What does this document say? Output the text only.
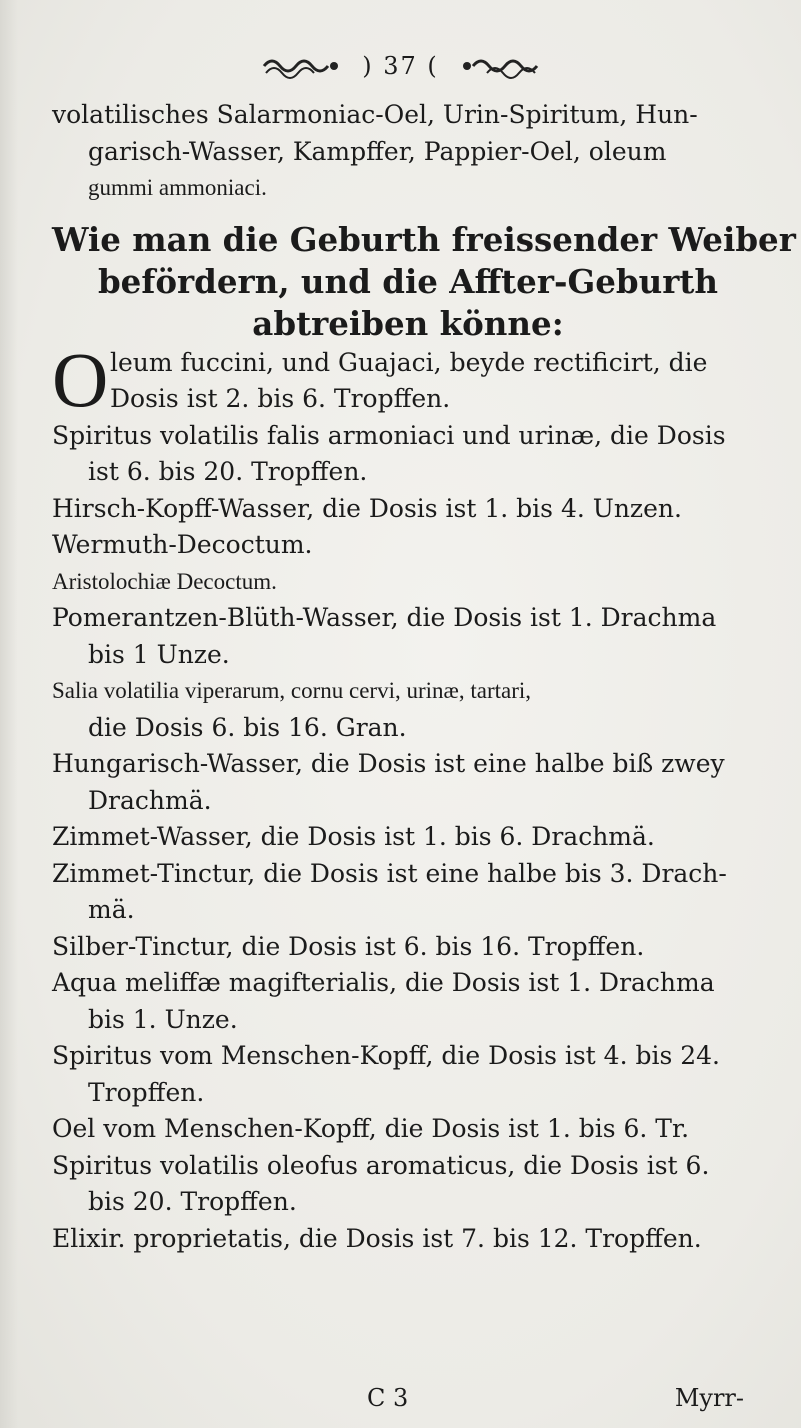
) 37 (
volatilisches Salarmoniac-Oel, Urin-Spiritum, Hun-
garisch-Wasser, Kampffer, Pappier-Oel, oleum
gummi ammoniaci.
Wie man die Geburth freissender Weiber
befördern, und die Affter-Geburth
abtreiben könne:
O leum fuccini, und Guajaci, beyde rectificirt, die
Dosis ist 2. bis 6. Tropffen.
Spiritus volatilis falis armoniaci und urinæ, die Dosis
ist 6. bis 20. Tropffen.
Hirsch-Kopff-Wasser, die Dosis ist 1. bis 4. Unzen.
Wermuth-Decoctum.
Aristolochiæ Decoctum.
Pomerantzen-Blüth-Wasser, die Dosis ist 1. Drachma
bis 1 Unze.
Salia volatilia viperarum, cornu cervi, urinæ, tartari,
die Dosis 6. bis 16. Gran.
Hungarisch-Wasser, die Dosis ist eine halbe biß zwey
Drachmä.
Zimmet-Wasser, die Dosis ist 1. bis 6. Drachmä.
Zimmet-Tinctur, die Dosis ist eine halbe bis 3. Drach-
mä.
Silber-Tinctur, die Dosis ist 6. bis 16. Tropffen.
Aqua meliffæ magifterialis, die Dosis ist 1. Drachma
bis 1. Unze.
Spiritus vom Menschen-Kopff, die Dosis ist 4. bis 24.
Tropffen.
Oel vom Menschen-Kopff, die Dosis ist 1. bis 6. Tr.
Spiritus volatilis oleofus aromaticus, die Dosis ist 6.
bis 20. Tropffen.
Elixir. proprietatis, die Dosis ist 7. bis 12. Tropffen.
C 3	Myrr-
